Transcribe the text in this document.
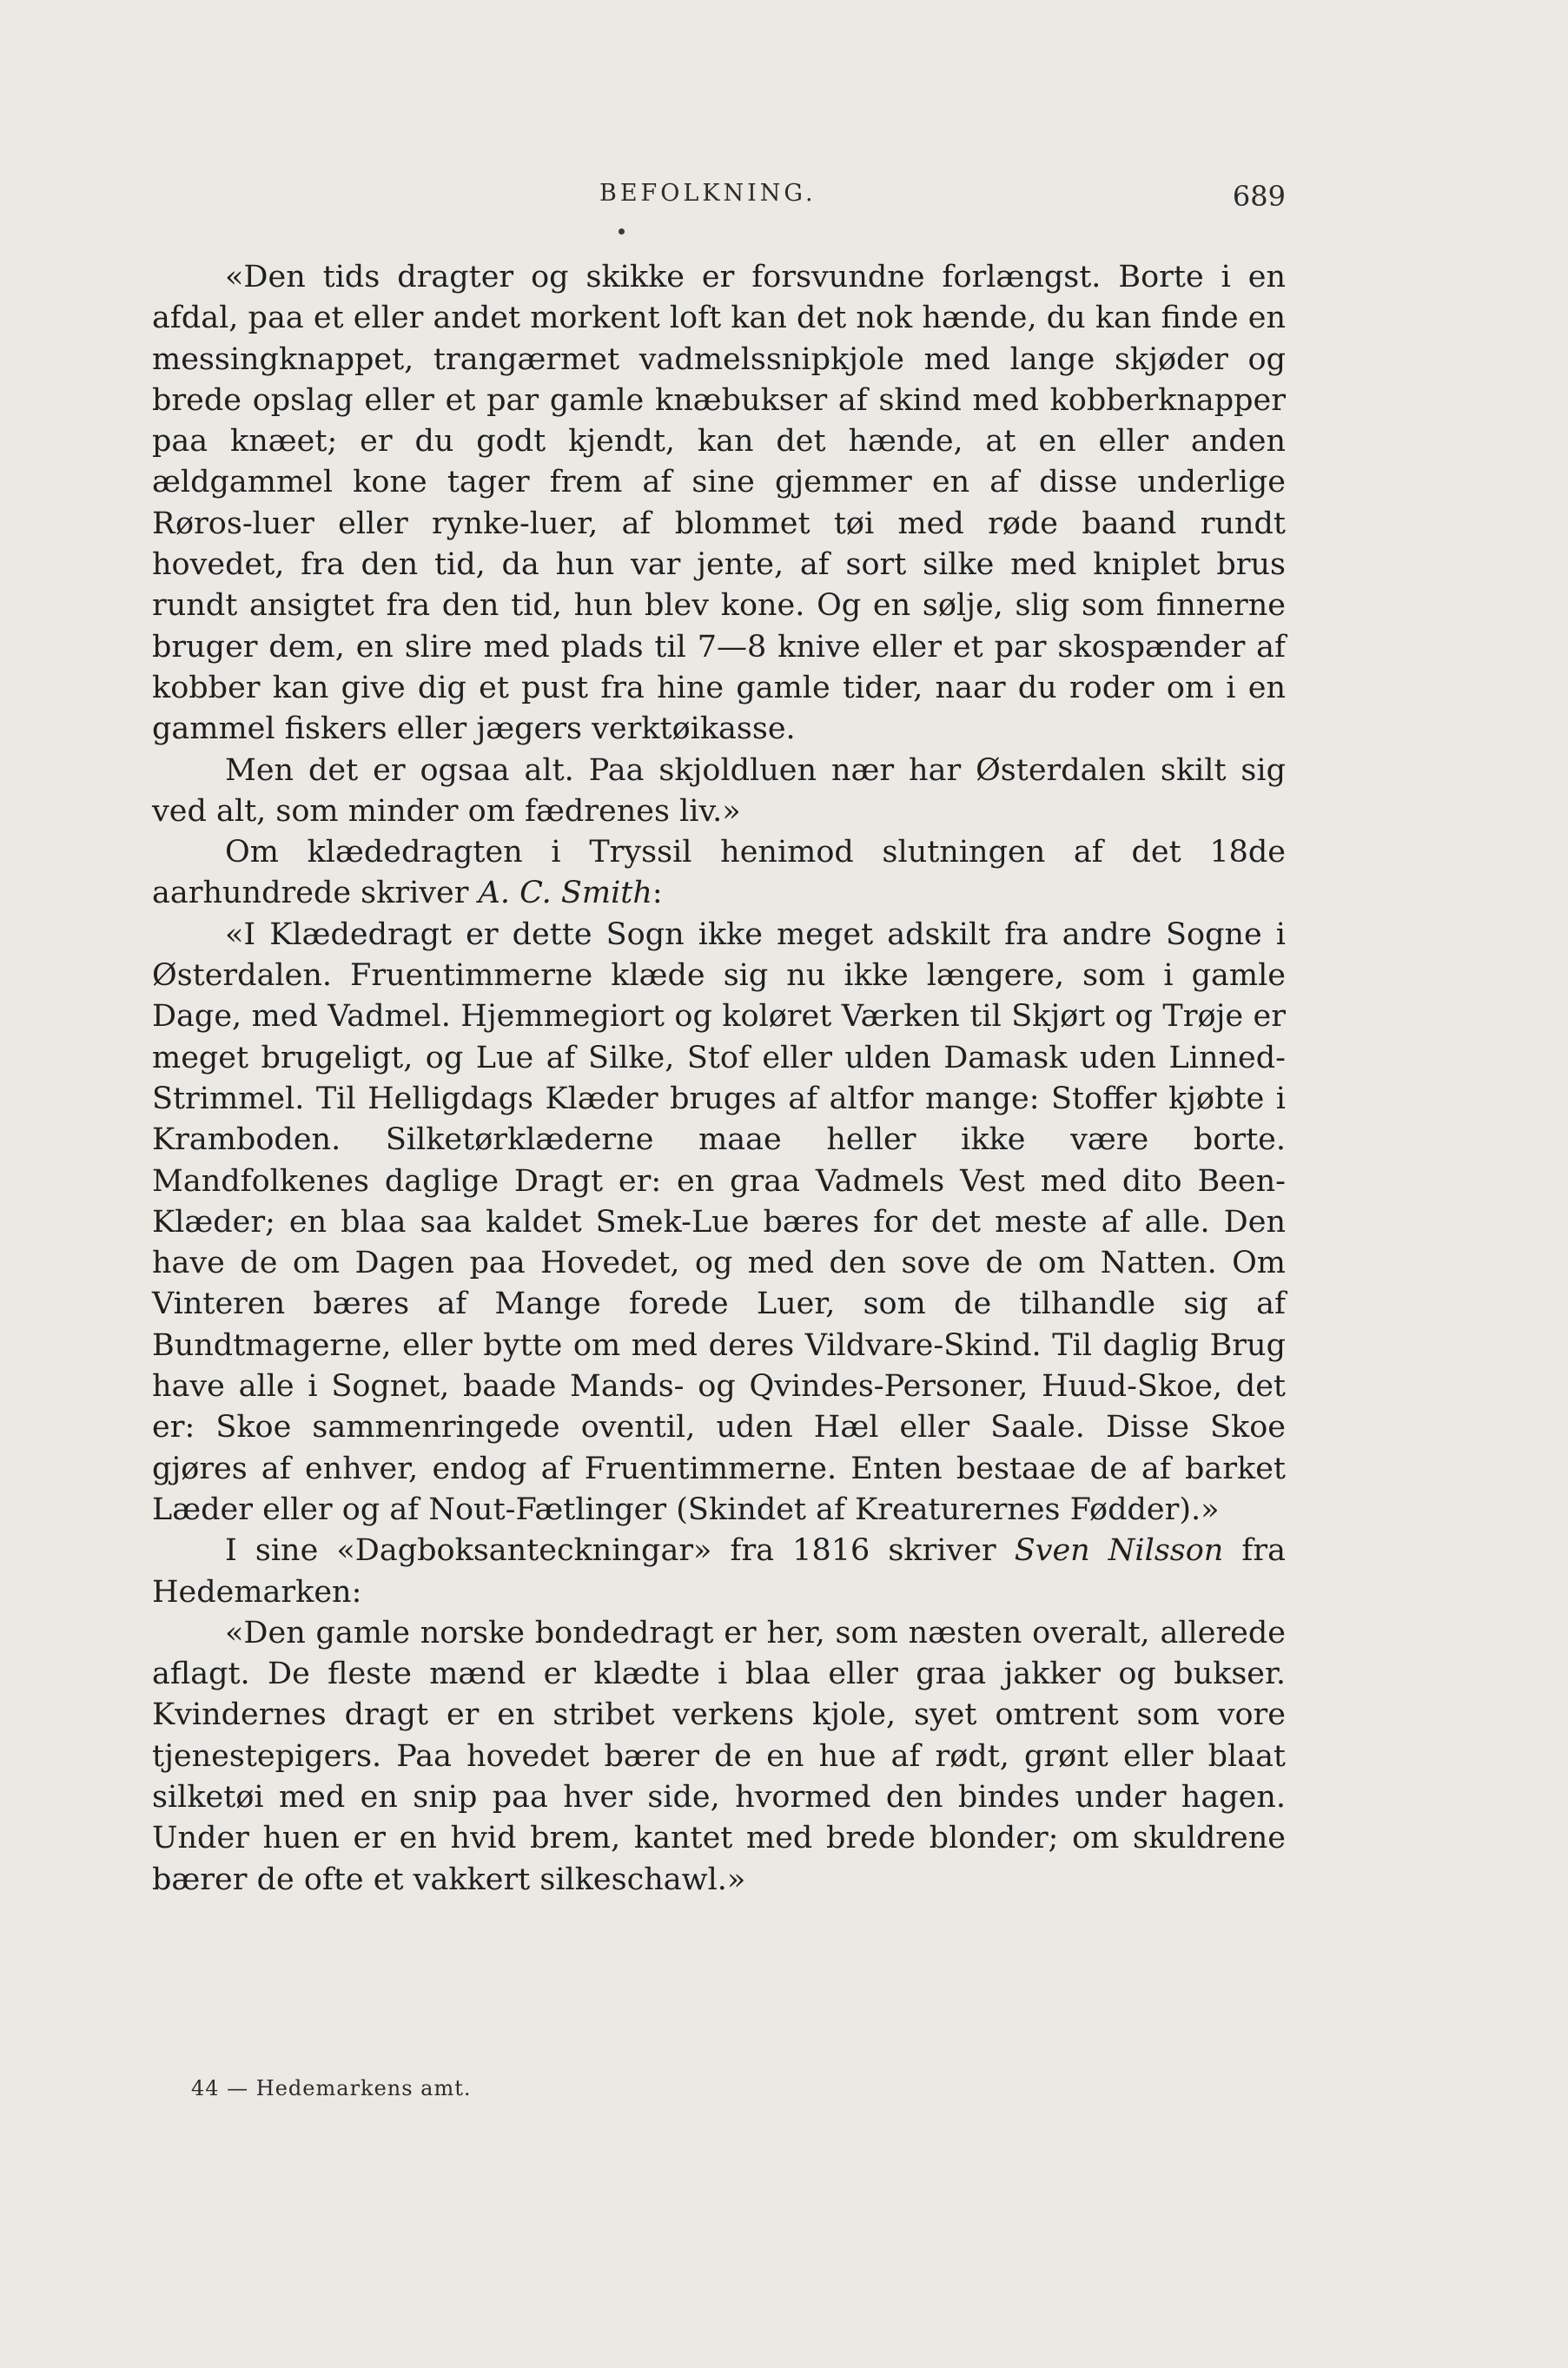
BEFOLKNING.	689

«Den tids dragter og skikke er forsvundne forlængst. Borte i en afdal, paa et eller andet morkent loft kan det nok hænde, du kan finde en messingknappet, trangærmet vadmelssnipkjole med lange skjøder og brede opslag eller et par gamle knæbukser af skind med kobberknapper paa knæet; er du godt kjendt, kan det hænde, at en eller anden ældgammel kone tager frem af sine gjemmer en af disse underlige Røros-luer eller rynke-luer, af blommet tøi med røde baand rundt hovedet, fra den tid, da hun var jente, af sort silke med kniplet brus rundt ansigtet fra den tid, hun blev kone. Og en sølje, slig som finnerne bruger dem, en slire med plads til 7—8 knive eller et par skospænder af kobber kan give dig et pust fra hine gamle tider, naar du roder om i en gammel fiskers eller jægers verktøikasse.

Men det er ogsaa alt. Paa skjoldluen nær har Østerdalen skilt sig ved alt, som minder om fædrenes liv.»

Om klædedragten i Tryssil henimod slutningen af det 18de aarhundrede skriver A. C. Smith:

«I Klædedragt er dette Sogn ikke meget adskilt fra andre Sogne i Østerdalen. Fruentimmerne klæde sig nu ikke længere, som i gamle Dage, med Vadmel. Hjemmegiort og koløret Værken til Skjørt og Trøje er meget brugeligt, og Lue af Silke, Stof eller ulden Damask uden Linned-Strimmel. Til Helligdags Klæder bruges af altfor mange: Stoffer kjøbte i Kramboden. Silketørklæderne maae heller ikke være borte. Mandfolkenes daglige Dragt er: en graa Vadmels Vest med dito Been-Klæder; en blaa saa kaldet Smek-Lue bæres for det meste af alle. Den have de om Dagen paa Hovedet, og med den sove de om Natten. Om Vinteren bæres af Mange forede Luer, som de tilhandle sig af Bundtmagerne, eller bytte om med deres Vildvare-Skind. Til daglig Brug have alle i Sognet, baade Mands- og Qvindes-Personer, Huud-Skoe, det er: Skoe sammenringede oventil, uden Hæl eller Saale. Disse Skoe gjøres af enhver, endog af Fruentimmerne. Enten bestaae de af barket Læder eller og af Nout-Fætlinger (Skindet af Kreaturernes Fødder).»

I sine «Dagboksanteckningar» fra 1816 skriver Sven Nilsson fra Hedemarken:

«Den gamle norske bondedragt er her, som næsten overalt, allerede aflagt. De fleste mænd er klædte i blaa eller graa jakker og bukser. Kvindernes dragt er en stribet verkens kjole, syet omtrent som vore tjenestepigers. Paa hovedet bærer de en hue af rødt, grønt eller blaat silketøi med en snip paa hver side, hvormed den bindes under hagen. Under huen er en hvid brem, kantet med brede blonder; om skuldrene bærer de ofte et vakkert silkeschawl.»

44 — Hedemarkens amt.
